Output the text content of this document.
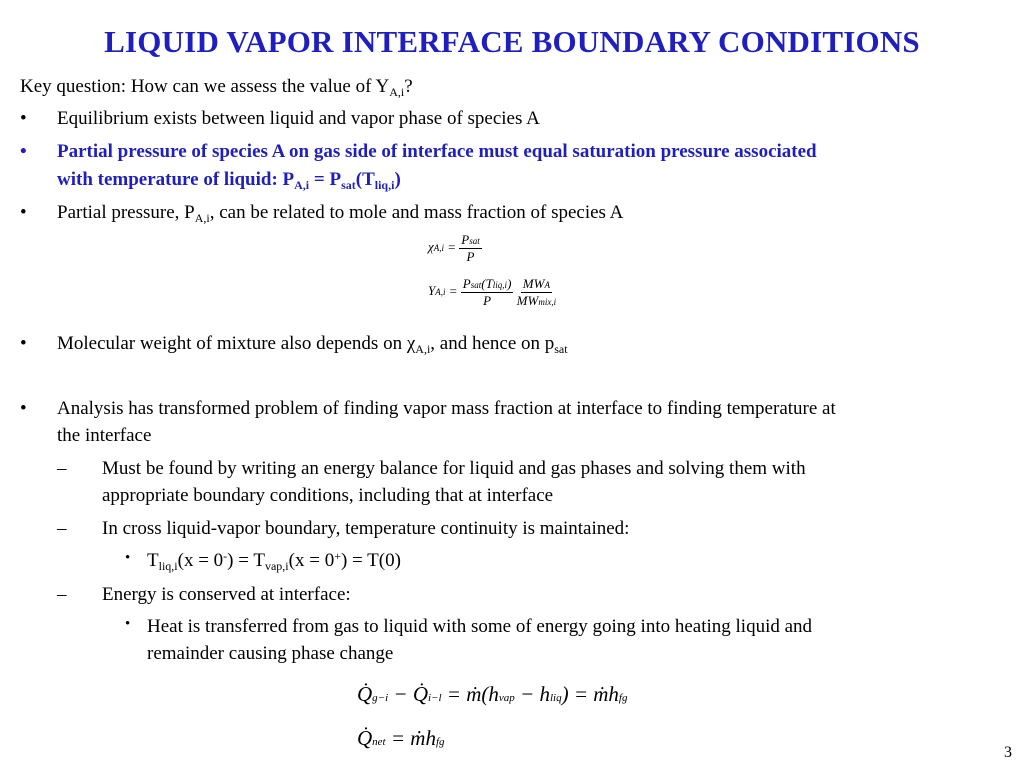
LIQUID VAPOR INTERFACE BOUNDARY CONDITIONS
Key question: How can we assess the value of $Y_{A,i}$?
• Equilibrium exists between liquid and vapor phase of species A
• Partial pressure of species A on gas side of interface must equal saturation pressure associated
with temperature of liquid: $P_{A,i} = P_{sat}(T_{liq,i})$
• Partial pressure, $P_{A,i}$, can be related to mole and mass fraction of species A
$\chi A,i = \frac{\text{Psat}}{P}$
$YA,i = \frac{\text{Psat(Tliq,i)}}{P}$
$\frac{\text{MWA}}{\text{MWmix,i}}$
• Molecular weight of mixture also depends on $\chi_{A,i}$, and hence on $p_{sat}$
• Analysis has transformed problem of finding vapor mass fraction at interface to finding temperature at
the interface
– Must be found by writing an energy balance for liquid and gas phases and solving them with
appropriate boundary conditions, including that at interface
– In cross liquid-vapor boundary, temperature continuity is maintained:
• $T_{liq,i}(x = 0^-) = T_{vap,i}(x = 0^+) = T(0)$
– Energy is conserved at interface:
• Heat is transferred from gas to liquid with some of energy going into heating liquid and
remainder causing phase change
Q̇g−i − Q̇i−l = ṁ(hvap − hliq) = ṁhfg
Q̇net = ṁhfg
3
